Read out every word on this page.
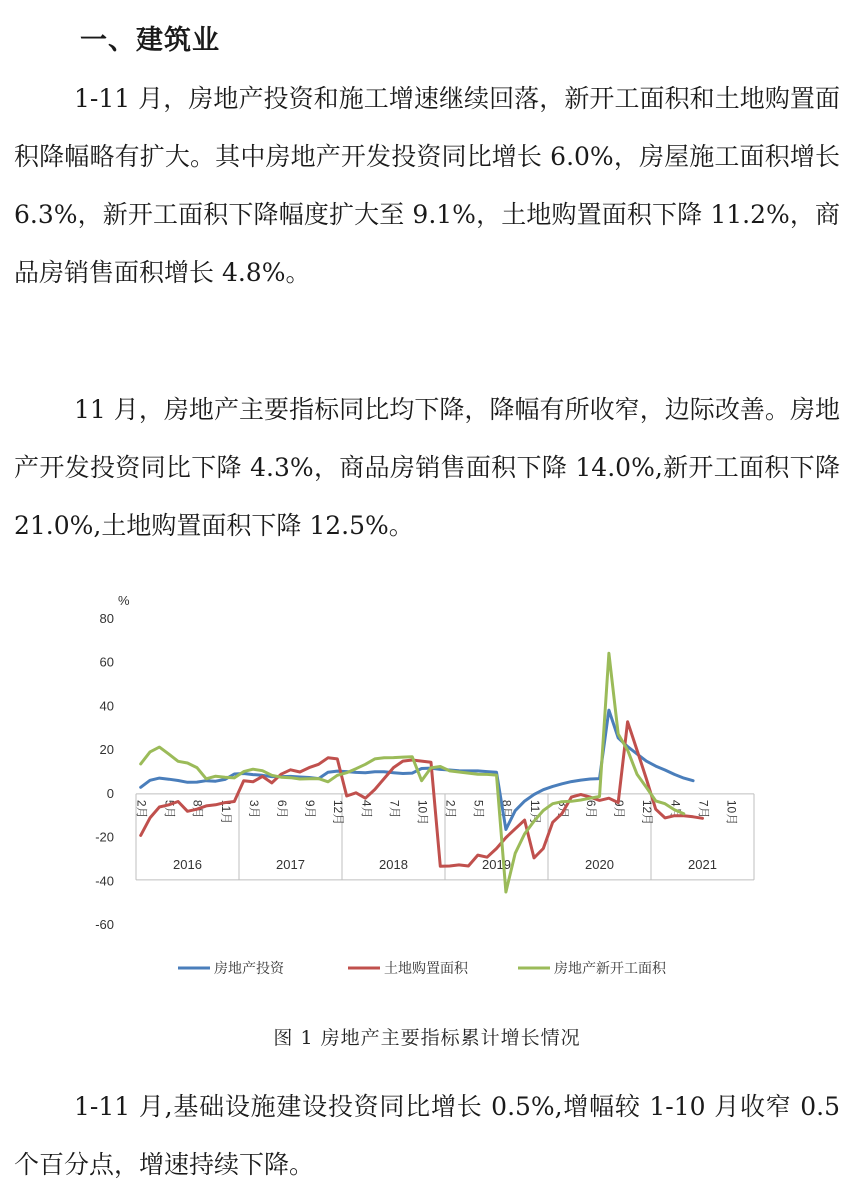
一、建筑业
1-11 月，房地产投资和施工增速继续回落，新开工面积和土地购置面积降幅略有扩大。其中房地产开发投资同比增长 6.0%，房屋施工面积增长 6.3%，新开工面积下降幅度扩大至 9.1%，土地购置面积下降 11.2%，商品房销售面积增长 4.8%。
11 月，房地产主要指标同比均下降，降幅有所收窄，边际改善。房地产开发投资同比下降 4.3%，商品房销售面积下降 14.0%,新开工面积下降 21.0%,土地购置面积下降 12.5%。
%
80
60
40
20
0
-20
-40
-60
2月 5月 8月 11月 3月 6月 9月 12月 4月 7月 10月 2月 5月 8月 11月 3月 6月 9月 12月 4月 7月 10月
2016	2017	2018	2019	2020	2021
房地产投资	土地购置面积	房地产新开工面积
图 1 房地产主要指标累计增长情况
1-11 月,基础设施建设投资同比增长 0.5%,增幅较 1-10 月收窄 0.5 个百分点，增速持续下降。
